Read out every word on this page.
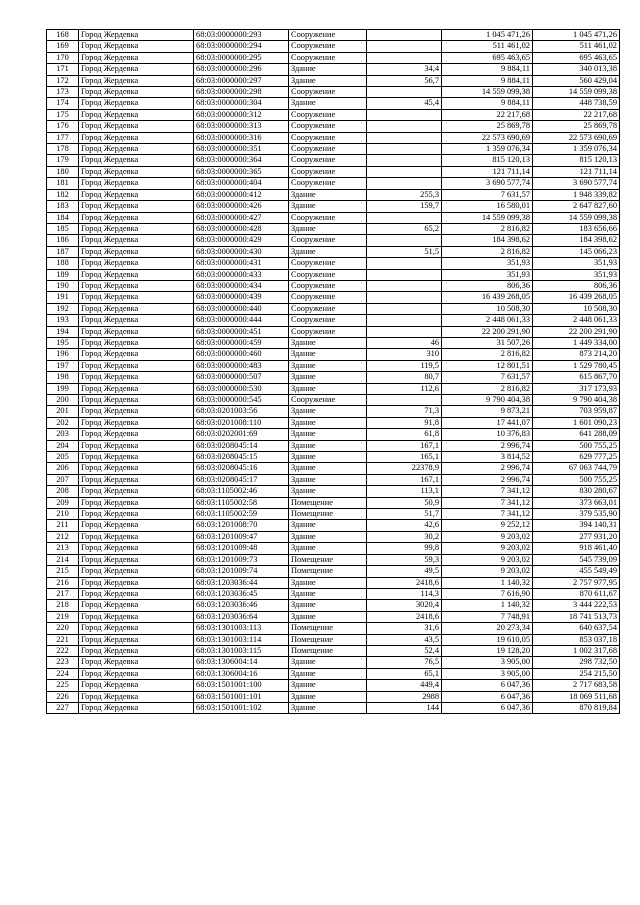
168	Город Жердевка	68:03:0000000:293	Сооружение		1 045 471,26	1 045 471,26
169	Город Жердевка	68:03:0000000:294	Сооружение		511 461,02	511 461,02
170	Город Жердевка	68:03:0000000:295	Сооружение		695 463,65	695 463,65
171	Город Жердевка	68:03:0000000:296	Здание	34,4	9 884,11	340 013,38
172	Город Жердевка	68:03:0000000:297	Здание	56,7	9 884,11	560 429,04
173	Город Жердевка	68:03:0000000:298	Сооружение		14 559 099,38	14 559 099,38
174	Город Жердевка	68:03:0000000:304	Здание	45,4	9 884,11	448 738,59
175	Город Жердевка	68:03:0000000:312	Сооружение		22 217,68	22 217,68
176	Город Жердевка	68:03:0000000:313	Сооружение		25 869,78	25 869,78
177	Город Жердевка	68:03:0000000:316	Сооружение		22 573 690,69	22 573 690,69
178	Город Жердевка	68:03:0000000:351	Сооружение		1 359 076,34	1 359 076,34
179	Город Жердевка	68:03:0000000:364	Сооружение		815 120,13	815 120,13
180	Город Жердевка	68:03:0000000:365	Сооружение		121 711,14	121 711,14
181	Город Жердевка	68:03:0000000:404	Сооружение		3 690 577,74	3 690 577,74
182	Город Жердевка	68:03:0000000:412	Здание	255,3	7 631,57	1 948 339,82
183	Город Жердевка	68:03:0000000:426	Здание	159,7	16 580,01	2 647 827,60
184	Город Жердевка	68:03:0000000:427	Сооружение		14 559 099,38	14 559 099,38
185	Город Жердевка	68:03:0000000:428	Здание	65,2	2 816,82	183 656,66
186	Город Жердевка	68:03:0000000:429	Сооружение		184 398,62	184 398,62
187	Город Жердевка	68:03:0000000:430	Здание	51,5	2 816,82	145 066,23
188	Город Жердевка	68:03:0000000:431	Сооружение		351,93	351,93
189	Город Жердевка	68:03:0000000:433	Сооружение		351,93	351,93
190	Город Жердевка	68:03:0000000:434	Сооружение		806,36	806,36
191	Город Жердевка	68:03:0000000:439	Сооружение		16 439 268,05	16 439 268,05
192	Город Жердевка	68:03:0000000:440	Сооружение		10 508,30	10 508,30
193	Город Жердевка	68:03:0000000:444	Сооружение		2 448 061,33	2 448 061,33
194	Город Жердевка	68:03:0000000:451	Сооружение		22 200 291,90	22 200 291,90
195	Город Жердевка	68:03:0000000:459	Здание	46	31 507,26	1 449 334,00
196	Город Жердевка	68:03:0000000:460	Здание	310	2 816,82	873 214,20
197	Город Жердевка	68:03:0000000:483	Здание	119,5	12 801,51	1 529 780,45
198	Город Жердевка	68:03:0000000:507	Здание	80,7	7 631,57	615 867,70
199	Город Жердевка	68:03:0000000:530	Здание	112,6	2 816,82	317 173,93
200	Город Жердевка	68:03:0000000:545	Сооружение		9 790 404,38	9 790 404,38
201	Город Жердевка	68:03:0201003:56	Здание	71,3	9 873,21	703 959,87
202	Город Жердевка	68:03:0201008:110	Здание	91,8	17 441,07	1 601 090,23
203	Город Жердевка	68:03:0202001:69	Здание	61,8	10 376,83	641 288,09
204	Город Жердевка	68:03:0208045:14	Здание	167,1	2 996,74	500 755,25
205	Город Жердевка	68:03:0208045:15	Здание	165,1	3 814,52	629 777,25
206	Город Жердевка	68:03:0208045:16	Здание	22378,9	2 996,74	67 063 744,79
207	Город Жердевка	68:03:0208045:17	Здание	167,1	2 996,74	500 755,25
208	Город Жердевка	68:03:1105002:46	Здание	113,1	7 341,12	830 280,67
209	Город Жердевка	68:03:1105002:58	Помещение	50,9	7 341,12	373 663,01
210	Город Жердевка	68:03:1105002:59	Помещение	51,7	7 341,12	379 535,90
211	Город Жердевка	68:03:1201008:70	Здание	42,6	9 252,12	394 140,31
212	Город Жердевка	68:03:1201009:47	Здание	30,2	9 203,02	277 931,20
213	Город Жердевка	68:03:1201009:48	Здание	99,8	9 203,02	918 461,40
214	Город Жердевка	68:03:1201009:73	Помещение	59,3	9 203,02	545 739,09
215	Город Жердевка	68:03:1201009:74	Помещение	49,5	9 203,02	455 549,49
216	Город Жердевка	68:03:1203036:44	Здание	2418,6	1 140,32	2 757 977,95
217	Город Жердевка	68:03:1203036:45	Здание	114,3	7 616,90	870 611,67
218	Город Жердевка	68:03:1203036:46	Здание	3020,4	1 140,32	3 444 222,53
219	Город Жердевка	68:03:1203036:64	Здание	2418,6	7 748,91	18 741 513,73
220	Город Жердевка	68:03:1301003:113	Помещение	31,6	20 273,34	640 637,54
221	Город Жердевка	68:03:1301003:114	Помещение	43,5	19 610,05	853 037,18
222	Город Жердевка	68:03:1301003:115	Помещение	52,4	19 128,20	1 002 317,68
223	Город Жердевка	68:03:1306004:14	Здание	76,5	3 905,00	298 732,50
224	Город Жердевка	68:03:1306004:16	Здание	65,1	3 905,00	254 215,50
225	Город Жердевка	68:03:1501001:100	Здание	449,4	6 047,36	2 717 683,58
226	Город Жердевка	68:03:1501001:101	Здание	2988	6 047,36	18 069 511,68
227	Город Жердевка	68:03:1501001:102	Здание	144	6 047,36	870 819,84
